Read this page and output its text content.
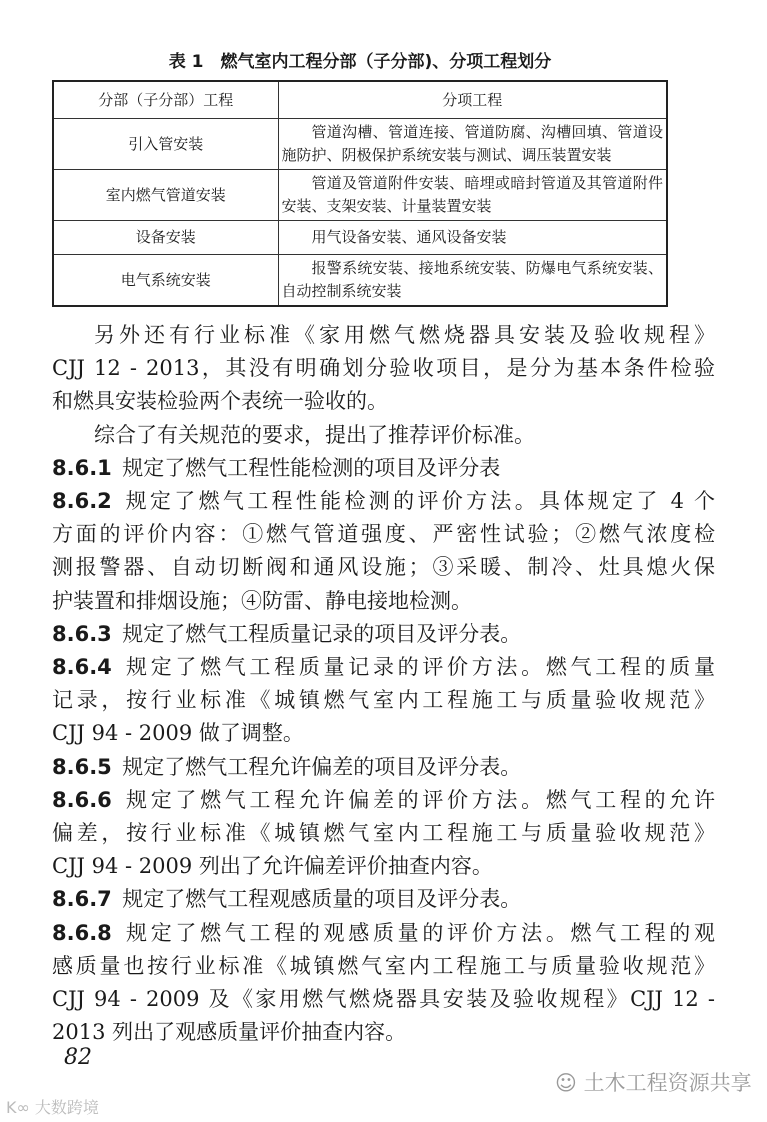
表 1　燃气室内工程分部（子分部)、分项工程划分
分部（子分部）工程	分项工程
引入管安装	管道沟槽、管道连接、管道防腐、沟槽回填、管道设施防护、阴极保护系统安装与测试、调压装置安装

室内燃气管道安装	管道及管道附件安装、暗埋或暗封管道及其管道附件安装、支架安装、计量装置安装

设备安装	用气设备安装、通风设备安装

电气系统安装	报警系统安装、接地系统安装、防爆电气系统安装、自动控制系统安装
另外还有行业标准《家用燃气燃烧器具安装及验收规程》
CJJ 12 - 2013，其没有明确划分验收项目，是分为基本条件检验
和燃具安装检验两个表统一验收的。
综合了有关规范的要求，提出了推荐评价标准。
8.6.1 规定了燃气工程性能检测的项目及评分表
8.6.2 规定了燃气工程性能检测的评价方法。具体规定了 4 个
方面的评价内容：①燃气管道强度、严密性试验；②燃气浓度检
测报警器、自动切断阀和通风设施；③采暖、制冷、灶具熄火保
护装置和排烟设施；④防雷、静电接地检测。
8.6.3 规定了燃气工程质量记录的项目及评分表。
8.6.4 规定了燃气工程质量记录的评价方法。燃气工程的质量
记录，按行业标准《城镇燃气室内工程施工与质量验收规范》
CJJ 94 - 2009 做了调整。
8.6.5 规定了燃气工程允许偏差的项目及评分表。
8.6.6 规定了燃气工程允许偏差的评价方法。燃气工程的允许
偏差，按行业标准《城镇燃气室内工程施工与质量验收规范》
CJJ 94 - 2009 列出了允许偏差评价抽查内容。
8.6.7 规定了燃气工程观感质量的项目及评分表。
8.6.8 规定了燃气工程的观感质量的评价方法。燃气工程的观
感质量也按行业标准《城镇燃气室内工程施工与质量验收规范》
CJJ 94 - 2009 及《家用燃气燃烧器具安装及验收规程》CJJ 12 -
2013 列出了观感质量评价抽查内容。
82
☺ 土木工程资源共享
K∞ 大数跨境
